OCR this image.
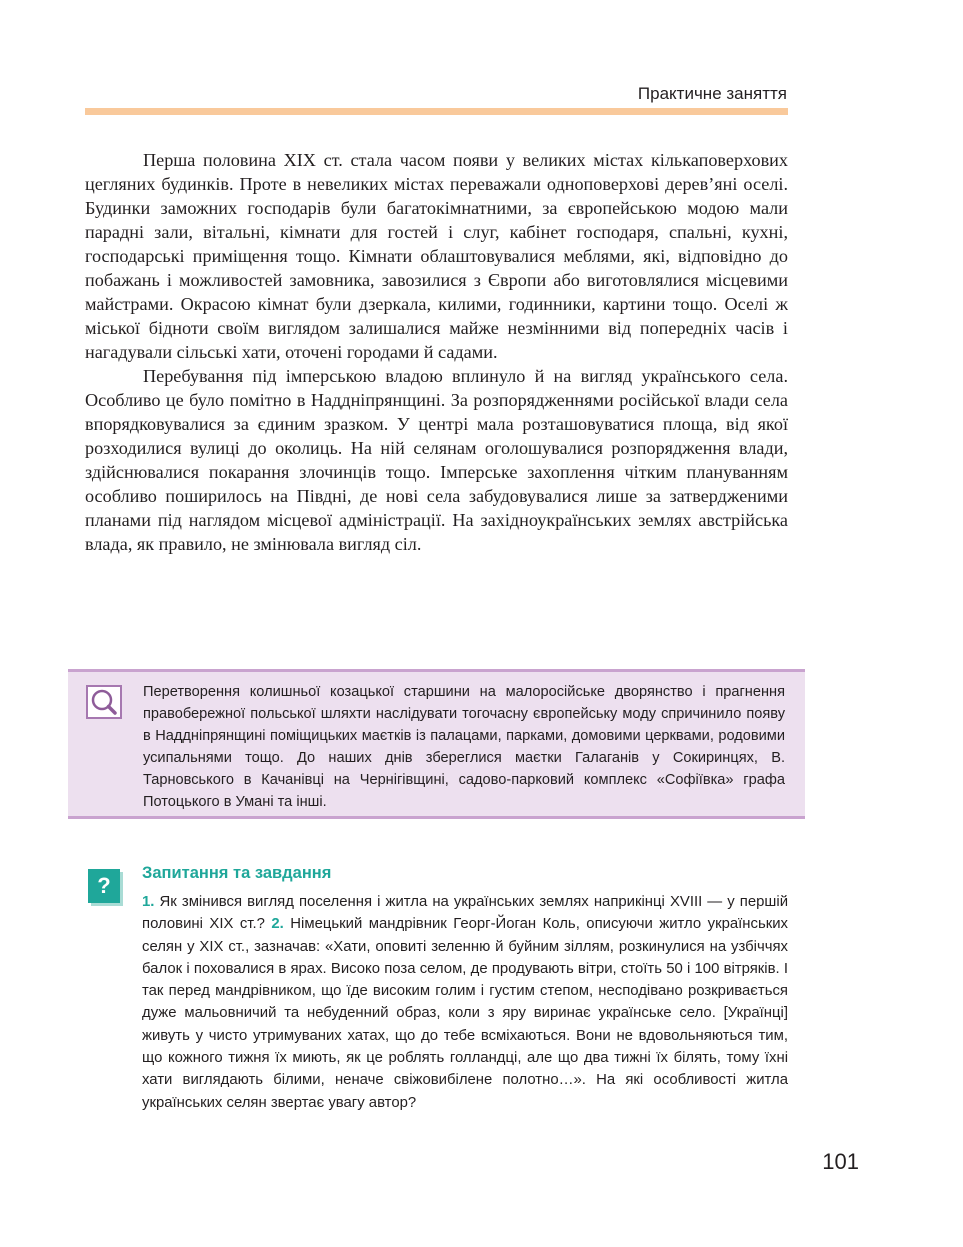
Практичне заняття

Перша половина XIX ст. стала часом появи у великих містах кількаповерхових цегляних будинків. Проте в невеликих містах переважали одноповерхові дерев’яні оселі. Будинки заможних господарів були багатокімнатними, за європейською модою мали парадні зали, вітальні, кімнати для гостей і слуг, кабінет господаря, спальні, кухні, господарські приміщення тощо. Кімнати облаштовувалися меблями, які, відповідно до побажань і можливостей замовника, завозилися з Європи або виготовлялися місцевими майстрами. Окрасою кімнат були дзеркала, килими, годинники, картини тощо. Оселі ж міської бідноти своїм виглядом залишалися майже незмінними від попередніх часів і нагадували сільські хати, оточені городами й садами.

Перебування під імперською владою вплинуло й на вигляд українського села. Особливо це було помітно в Наддніпрянщині. За розпорядженнями російської влади села впорядковувалися за єдиним зразком. У центрі мала розташовуватися площа, від якої розходилися вулиці до околиць. На ній селянам оголошувалися розпорядження влади, здійснювалися покарання злочинців тощо. Імперське захоплення чітким плануванням особливо поширилось на Півдні, де нові села забудовувалися лише за затвердженими планами під наглядом місцевої адміністрації. На західноукраїнських землях австрійська влада, як правило, не змінювала вигляд сіл.

Перетворення колишньої козацької старшини на малоросійське дворянство і прагнення правобережної польської шляхти наслідувати тогочасну європейську моду спричинило появу в Наддніпрянщині поміщицьких маєтків із палацами, парками, домовими церквами, родовими усипальнями тощо. До наших днів збереглися маєтки Галаганів у Сокиринцях, В. Тарновського в Качанівці на Чернігівщині, садово-парковий комплекс «Софіївка» графа Потоцького в Умані та інші.
?	Запитання та завдання
1. Як змінився вигляд поселення і житла на українських землях наприкінці XVIII — у першій половині XIX ст.? 2. Німецький мандрівник Георг-Йоган Коль, описуючи житло українських селян у XIX ст., зазначав: «Хати, оповиті зеленню й буйним зіллям, розкинулися на узбіччях балок і поховалися в ярах. Високо поза селом, де продувають вітри, стоїть 50 і 100 вітряків. І так перед мандрівником, що їде високим голим і густим степом, несподівано розкривається дуже мальовничий та небуденний образ, коли з яру виринає українське село. [Українці] живуть у чисто утримуваних хатах, що до тебе всміхаються. Вони не вдовольняються тим, що кожного тижня їх миють, як це роблять голландці, але що два тижні їх білять, тому їхні хати виглядають білими, неначе свіжовибілене полотно…». На які особливості житла українських селян звертає увагу автор?
101
